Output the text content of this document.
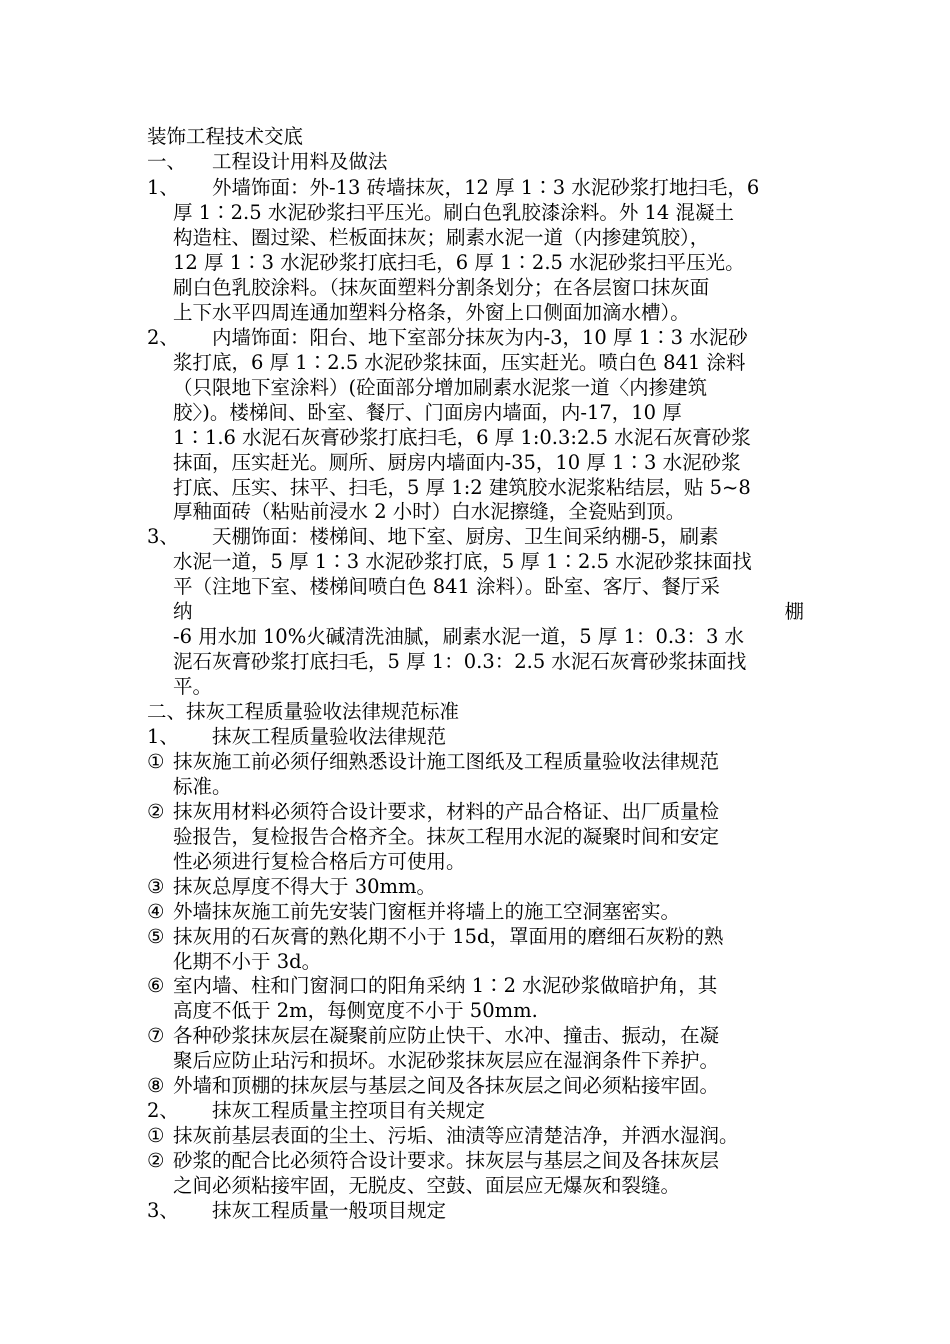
装饰工程技术交底
一、 工程设计用料及做法
1、 外墙饰面：外-13 砖墙抹灰，12 厚 1∶3 水泥砂浆打地扫毛，6
厚 1∶2.5 水泥砂浆扫平压光。刷白色乳胶漆涂料。外 14 混凝土
构造柱、圈过梁、栏板面抹灰；刷素水泥一道（内掺建筑胶），
12 厚 1∶3 水泥砂浆打底扫毛，6 厚 1∶2.5 水泥砂浆扫平压光。
刷白色乳胶涂料。（抹灰面塑料分割条划分；在各层窗口抹灰面
上下水平四周连通加塑料分格条，外窗上口侧面加滴水槽）。
2、 内墙饰面：阳台、地下室部分抹灰为内-3，10 厚 1∶3 水泥砂
浆打底，6 厚 1∶2.5 水泥砂浆抹面，压实赶光。喷白色 841 涂料
（只限地下室涂料）(砼面部分增加刷素水泥浆一道〈内掺建筑
胶〉)。楼梯间、卧室、餐厅、门面房内墙面，内-17，10 厚
1∶1.6 水泥石灰膏砂浆打底扫毛，6 厚 1:0.3:2.5 水泥石灰膏砂浆
抹面，压实赶光。厕所、厨房内墙面内-35，10 厚 1∶3 水泥砂浆
打底、压实、抹平、扫毛，5 厚 1:2 建筑胶水泥浆粘结层，贴 5~8
厚釉面砖（粘贴前浸水 2 小时）白水泥擦缝，全瓷贴到顶。
3、 天棚饰面：楼梯间、地下室、厨房、卫生间采纳棚-5，刷素
水泥一道，5 厚 1∶3 水泥砂浆打底，5 厚 1∶2.5 水泥砂浆抹面找
平（注地下室、楼梯间喷白色 841 涂料）。卧室、客厅、餐厅采
纳	棚
-6 用水加 10%火碱清洗油腻，刷素水泥一道，5 厚 1：0.3：3 水
泥石灰膏砂浆打底扫毛，5 厚 1：0.3：2.5 水泥石灰膏砂浆抹面找
平。
二、抹灰工程质量验收法律规范标准
1、 抹灰工程质量验收法律规范
① 抹灰施工前必须仔细熟悉设计施工图纸及工程质量验收法律规范
标准。
② 抹灰用材料必须符合设计要求，材料的产品合格证、出厂质量检
验报告，复检报告合格齐全。抹灰工程用水泥的凝聚时间和安定
性必须进行复检合格后方可使用。
③ 抹灰总厚度不得大于 30mm。
④ 外墙抹灰施工前先安装门窗框并将墙上的施工空洞塞密实。
⑤ 抹灰用的石灰膏的熟化期不小于 15d，罩面用的磨细石灰粉的熟
化期不小于 3d。
⑥ 室内墙、柱和门窗洞口的阳角采纳 1∶2 水泥砂浆做暗护角，其
高度不低于 2m，每侧宽度不小于 50mm.
⑦ 各种砂浆抹灰层在凝聚前应防止快干、水冲、撞击、振动，在凝
聚后应防止玷污和损坏。水泥砂浆抹灰层应在湿润条件下养护。
⑧ 外墙和顶棚的抹灰层与基层之间及各抹灰层之间必须粘接牢固。
2、 抹灰工程质量主控项目有关规定
① 抹灰前基层表面的尘土、污垢、油渍等应清楚洁净，并洒水湿润。
② 砂浆的配合比必须符合设计要求。抹灰层与基层之间及各抹灰层
之间必须粘接牢固，无脱皮、空鼓、面层应无爆灰和裂缝。
3、 抹灰工程质量一般项目规定
